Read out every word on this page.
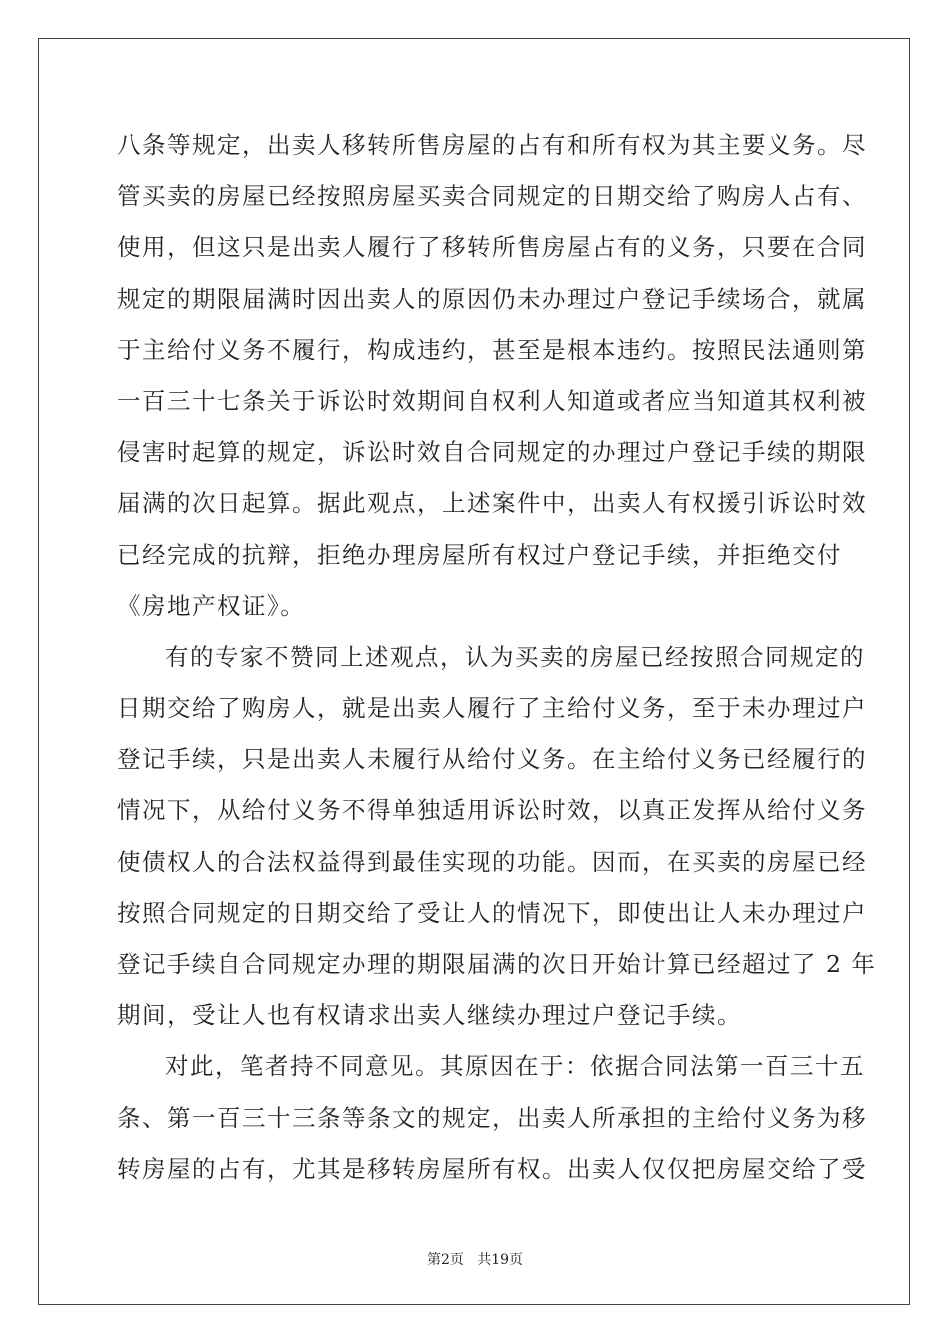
八条等规定，出卖人移转所售房屋的占有和所有权为其主要义务。尽
管买卖的房屋已经按照房屋买卖合同规定的日期交给了购房人占有、
使用，但这只是出卖人履行了移转所售房屋占有的义务，只要在合同
规定的期限届满时因出卖人的原因仍未办理过户登记手续场合，就属
于主给付义务不履行，构成违约，甚至是根本违约。按照民法通则第
一百三十七条关于诉讼时效期间自权利人知道或者应当知道其权利被
侵害时起算的规定，诉讼时效自合同规定的办理过户登记手续的期限
届满的次日起算。据此观点，上述案件中，出卖人有权援引诉讼时效
已经完成的抗辩，拒绝办理房屋所有权过户登记手续，并拒绝交付
《房地产权证》。
有的专家不赞同上述观点，认为买卖的房屋已经按照合同规定的
日期交给了购房人，就是出卖人履行了主给付义务，至于未办理过户
登记手续，只是出卖人未履行从给付义务。在主给付义务已经履行的
情况下，从给付义务不得单独适用诉讼时效，以真正发挥从给付义务
使债权人的合法权益得到最佳实现的功能。因而，在买卖的房屋已经
按照合同规定的日期交给了受让人的情况下，即使出让人未办理过户
登记手续自合同规定办理的期限届满的次日开始计算已经超过了 2 年
期间，受让人也有权请求出卖人继续办理过户登记手续。
对此，笔者持不同意见。其原因在于：依据合同法第一百三十五
条、第一百三十三条等条文的规定，出卖人所承担的主给付义务为移
转房屋的占有，尤其是移转房屋所有权。出卖人仅仅把房屋交给了受
第2页   共19页
